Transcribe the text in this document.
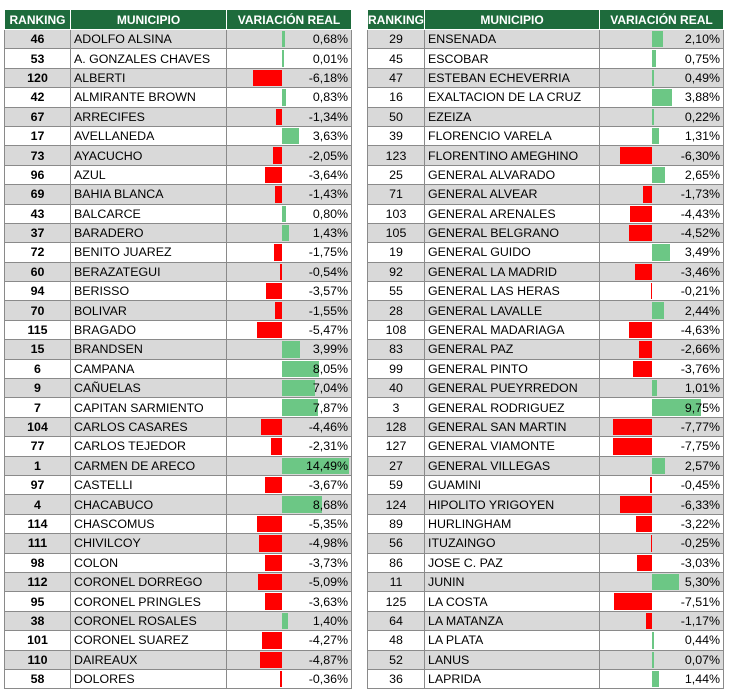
RANKING	MUNICIPIO	VARIACIÓN REAL
46	ADOLFO ALSINA	0,68%
53	A. GONZALES CHAVES	0,01%
120	ALBERTI	-6,18%
42	ALMIRANTE BROWN	0,83%
67	ARRECIFES	-1,34%
17	AVELLANEDA	3,63%
73	AYACUCHO	-2,05%
96	AZUL	-3,64%
69	BAHIA BLANCA	-1,43%
43	BALCARCE	0,80%
37	BARADERO	1,43%
72	BENITO JUAREZ	-1,75%
60	BERAZATEGUI	-0,54%
94	BERISSO	-3,57%
70	BOLIVAR	-1,55%
115	BRAGADO	-5,47%
15	BRANDSEN	3,99%
6	CAMPANA	8,05%
9	CAÑUELAS	7,04%
7	CAPITAN SARMIENTO	7,87%
104	CARLOS CASARES	-4,46%
77	CARLOS TEJEDOR	-2,31%
1	CARMEN DE ARECO	14,49%
97	CASTELLI	-3,67%
4	CHACABUCO	8,68%
114	CHASCOMUS	-5,35%
111	CHIVILCOY	-4,98%
98	COLON	-3,73%
112	CORONEL DORREGO	-5,09%
95	CORONEL PRINGLES	-3,63%
38	CORONEL ROSALES	1,40%
101	CORONEL SUAREZ	-4,27%
110	DAIREAUX	-4,87%
58	DOLORES	-0,36%
RANKING	MUNICIPIO	VARIACIÓN REAL
29	ENSENADA	2,10%
45	ESCOBAR	0,75%
47	ESTEBAN ECHEVERRIA	0,49%
16	EXALTACION DE LA CRUZ	3,88%
50	EZEIZA	0,22%
39	FLORENCIO VARELA	1,31%
123	FLORENTINO AMEGHINO	-6,30%
25	GENERAL ALVARADO	2,65%
71	GENERAL ALVEAR	-1,73%
103	GENERAL ARENALES	-4,43%
105	GENERAL BELGRANO	-4,52%
19	GENERAL GUIDO	3,49%
92	GENERAL LA MADRID	-3,46%
55	GENERAL LAS HERAS	-0,21%
28	GENERAL LAVALLE	2,44%
108	GENERAL MADARIAGA	-4,63%
83	GENERAL PAZ	-2,66%
99	GENERAL PINTO	-3,76%
40	GENERAL PUEYRREDON	1,01%
3	GENERAL RODRIGUEZ	9,75%
128	GENERAL SAN MARTIN	-7,77%
127	GENERAL VIAMONTE	-7,75%
27	GENERAL VILLEGAS	2,57%
59	GUAMINI	-0,45%
124	HIPOLITO YRIGOYEN	-6,33%
89	HURLINGHAM	-3,22%
56	ITUZAINGO	-0,25%
86	JOSE C. PAZ	-3,03%
11	JUNIN	5,30%
125	LA COSTA	-7,51%
64	LA MATANZA	-1,17%
48	LA PLATA	0,44%
52	LANUS	0,07%
36	LAPRIDA	1,44%
